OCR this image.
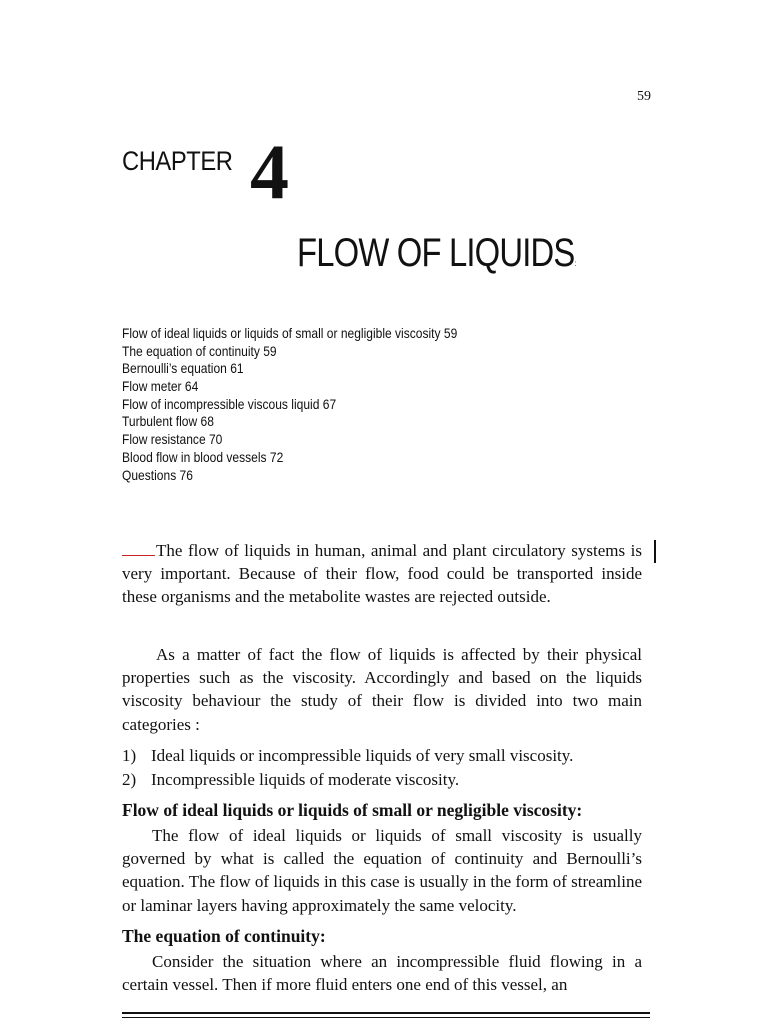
59
CHAPTER 4
FLOW OF LIQUIDS:
Flow of ideal liquids or liquids of small or negligible viscosity 59
The equation of continuity 59
Bernoulli’s equation 61
Flow meter 64
Flow of incompressible viscous liquid 67
Turbulent flow 68
Flow resistance 70
Blood flow in blood vessels 72
Questions 76

The flow of liquids in human, animal and plant circulatory systems is very important. Because of their flow, food could be transported inside these organisms and the metabolite wastes are rejected outside.

As a matter of fact the flow of liquids is affected by their physical properties such as the viscosity. Accordingly and based on the liquids viscosity behaviour the study of their flow is divided into two main categories :

1) Ideal liquids or incompressible liquids of very small viscosity.
2) Incompressible liquids of moderate viscosity.
Flow of ideal liquids or liquids of small or negligible viscosity:

The flow of ideal liquids or liquids of small viscosity is usually governed by what is called the equation of continuity and Bernoulli’s equation. The flow of liquids in this case is usually in the form of streamline or laminar layers having approximately the same velocity.

The equation of continuity:

Consider the situation where an incompressible fluid flowing in a certain vessel. Then if more fluid enters one end of this vessel, an
